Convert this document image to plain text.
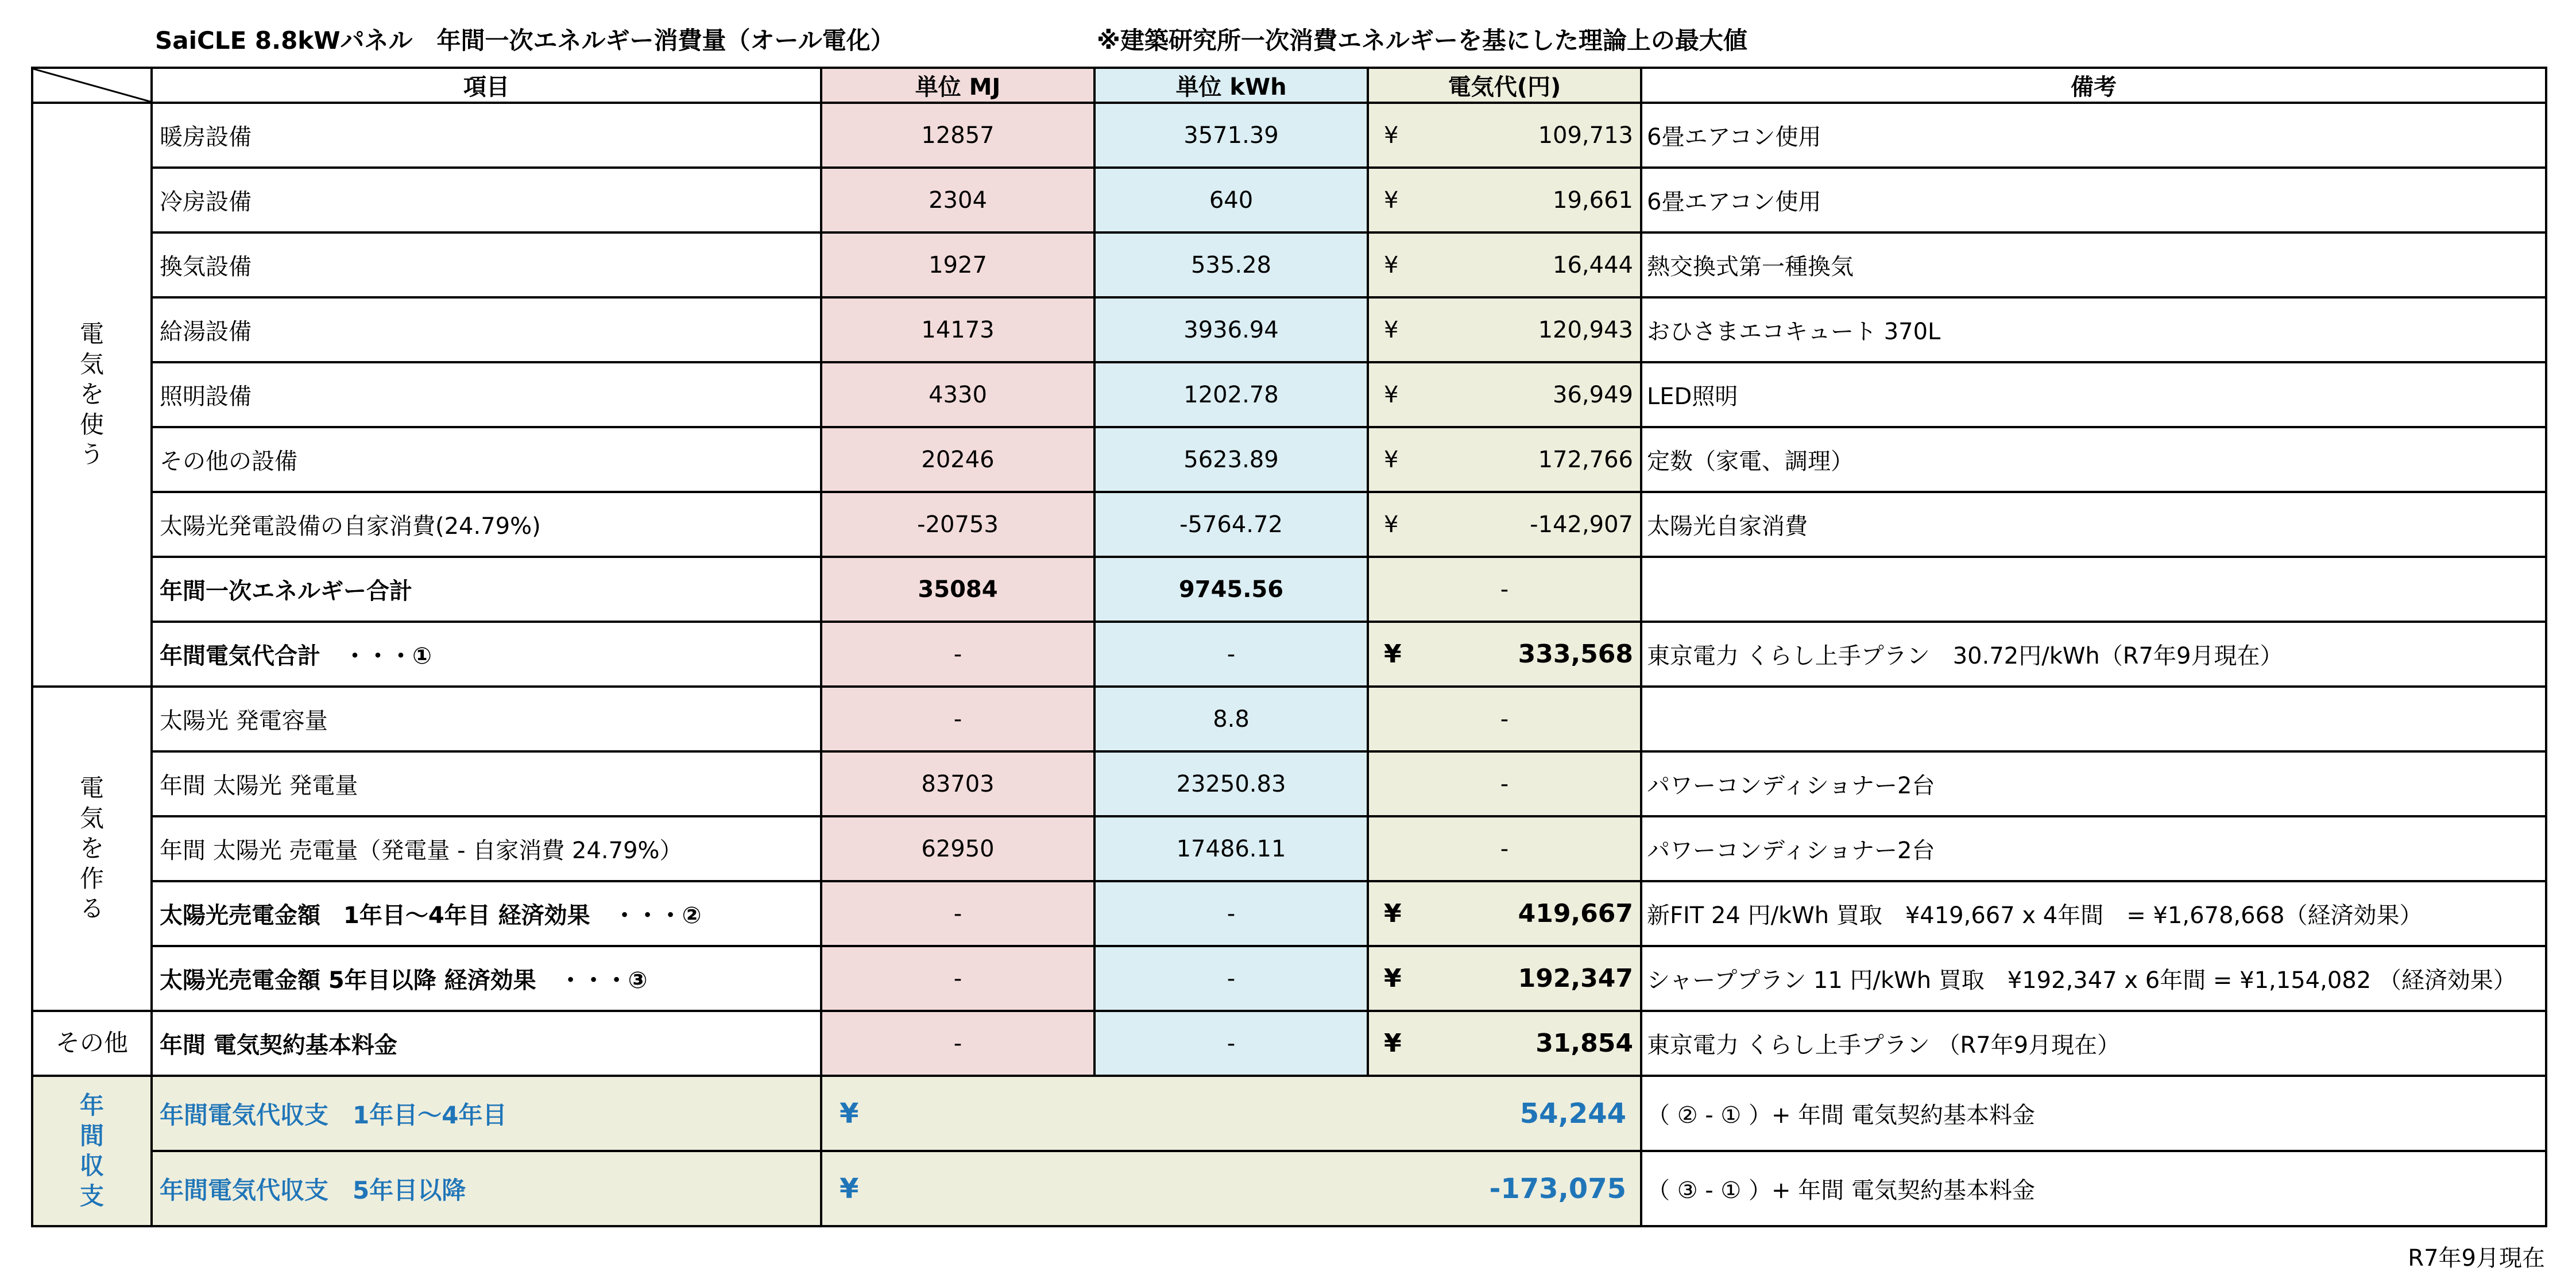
SaiCLE 8.8kWパネル　年間一次エネルギー消費量（オール電化）	※建築研究所一次消費エネルギーを基にした理論上の最大値
	項目	単位 MJ	単位 kWh	電気代(円)	備考
電気を使う	暖房設備	12857	3571.39	¥ 109,713	6畳エアコン使用
	冷房設備	2304	640	¥ 19,661	6畳エアコン使用
	換気設備	1927	535.28	¥ 16,444	熱交換式第一種換気
	給湯設備	14173	3936.94	¥ 120,943	おひさまエコキュート 370L
	照明設備	4330	1202.78	¥ 36,949	LED照明
	その他の設備	20246	5623.89	¥ 172,766	定数（家電、調理）
	太陽光発電設備の自家消費(24.79%)	-20753	-5764.72	¥ -142,907	太陽光自家消費
	年間一次エネルギー合計	35084	9745.56	-	
	年間電気代合計　・・・①	-	-	¥ 333,568	東京電力 くらし上手プラン　30.72円/kWh（R7年9月現在）
電気を作る	太陽光 発電容量	-	8.8	-	
	年間 太陽光 発電量	83703	23250.83	-	パワーコンディショナー2台
	年間 太陽光 売電量（発電量 - 自家消費 24.79%）	62950	17486.11	-	パワーコンディショナー2台
	太陽光売電金額　1年目～4年目 経済効果　・・・②	-	-	¥ 419,667	新FIT 24 円/kWh 買取　¥419,667 x 4年間　= ¥1,678,668（経済効果）
	太陽光売電金額 5年目以降 経済効果　・・・③	-	-	¥ 192,347	シャーププラン 11 円/kWh 買取　¥192,347 x 6年間 = ¥1,154,082 （経済効果）
その他	年間 電気契約基本料金	-	-	¥ 31,854	東京電力 くらし上手プラン （R7年9月現在）
年間収支	年間電気代収支　1年目～4年目	¥ 54,244			（ ② - ① ）+ 年間 電気契約基本料金
	年間電気代収支　5年目以降	¥ -173,075			（ ③ - ① ）+ 年間 電気契約基本料金
R7年9月現在
